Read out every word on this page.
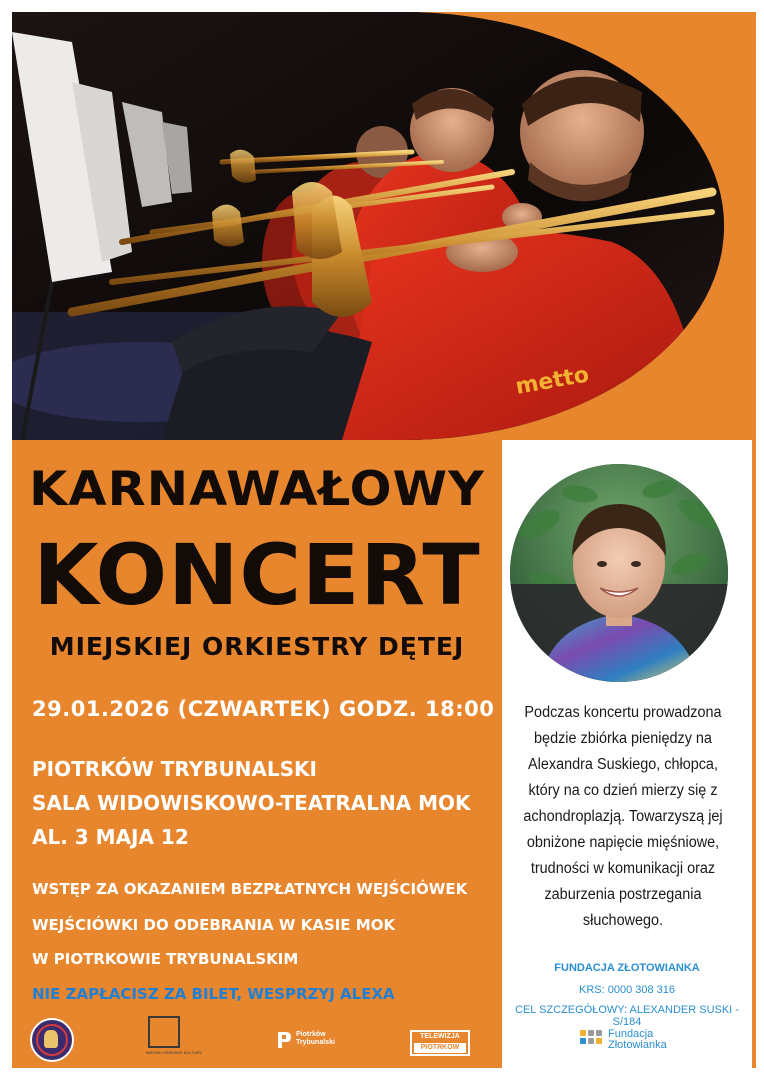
metto
KARNAWAŁOWY
KONCERT
MIEJSKIEJ ORKIESTRY DĘTEJ

29.01.2026 (CZWARTEK) GODZ. 18:00

PIOTRKÓW TRYBUNALSKI

SALA WIDOWISKOWO-TEATRALNA MOK

AL. 3 MAJA 12

WSTĘP ZA OKAZANIEM BEZPŁATNYCH WEJŚCIÓWEK

WEJŚCIÓWKI DO ODEBRANIA W KASIE MOK

W PIOTRKOWIE TRYBUNALSKIM

NIE ZAPŁACISZ ZA BILET, WESPRZYJ ALEXA

MIEJSKI OŚRODEK KULTURY
Piotrków
Trybunalski
TELEWIZJA
PIOTRKÓW

Podczas koncertu prowadzona będzie zbiórka pieniędzy na Alexandra Suskiego, chłopca, który na co dzień mierzy się z achondroplazją. Towarzyszą jej obniżone napięcie mięśniowe, trudności w komunikacji oraz zaburzenia postrzegania słuchowego.

FUNDACJA ZŁOTOWIANKA

KRS: 0000 308 316

CEL SZCZEGÓŁOWY: ALEXANDER SUSKI - S/184

Fundacja
Złotowianka
